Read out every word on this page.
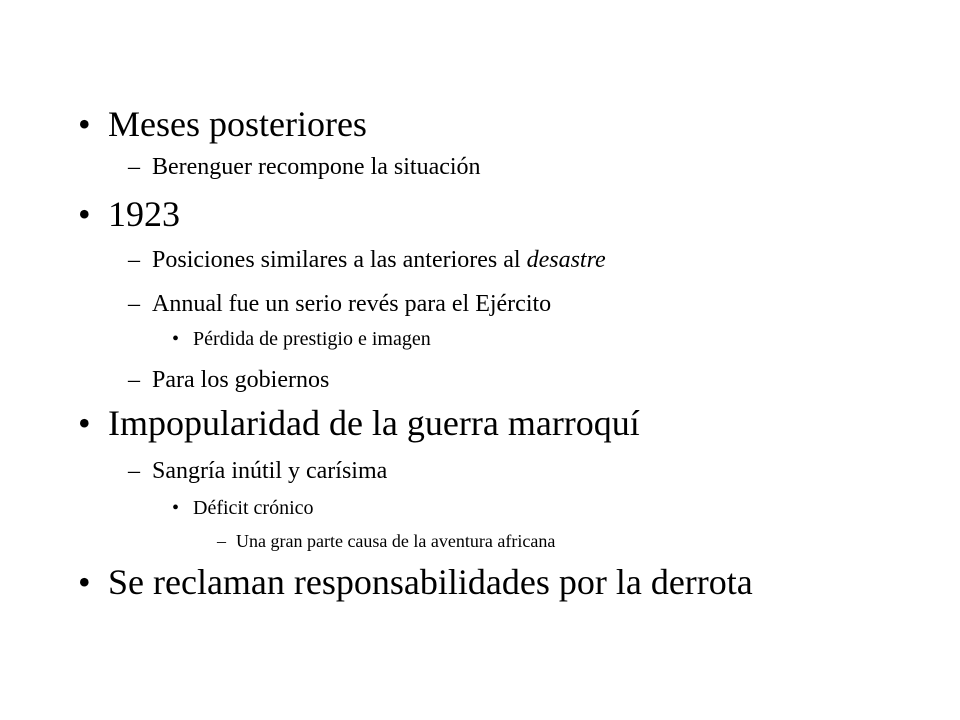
• Meses posteriores
– Berenguer recompone la situación
• 1923
– Posiciones similares a las anteriores al desastre
– Annual fue un serio revés para el Ejército
• Pérdida de prestigio e imagen
– Para los gobiernos
• Impopularidad de la guerra marroquí
– Sangría inútil y carísima
• Déficit crónico
– Una gran parte causa de la aventura africana
• Se reclaman responsabilidades por la derrota
